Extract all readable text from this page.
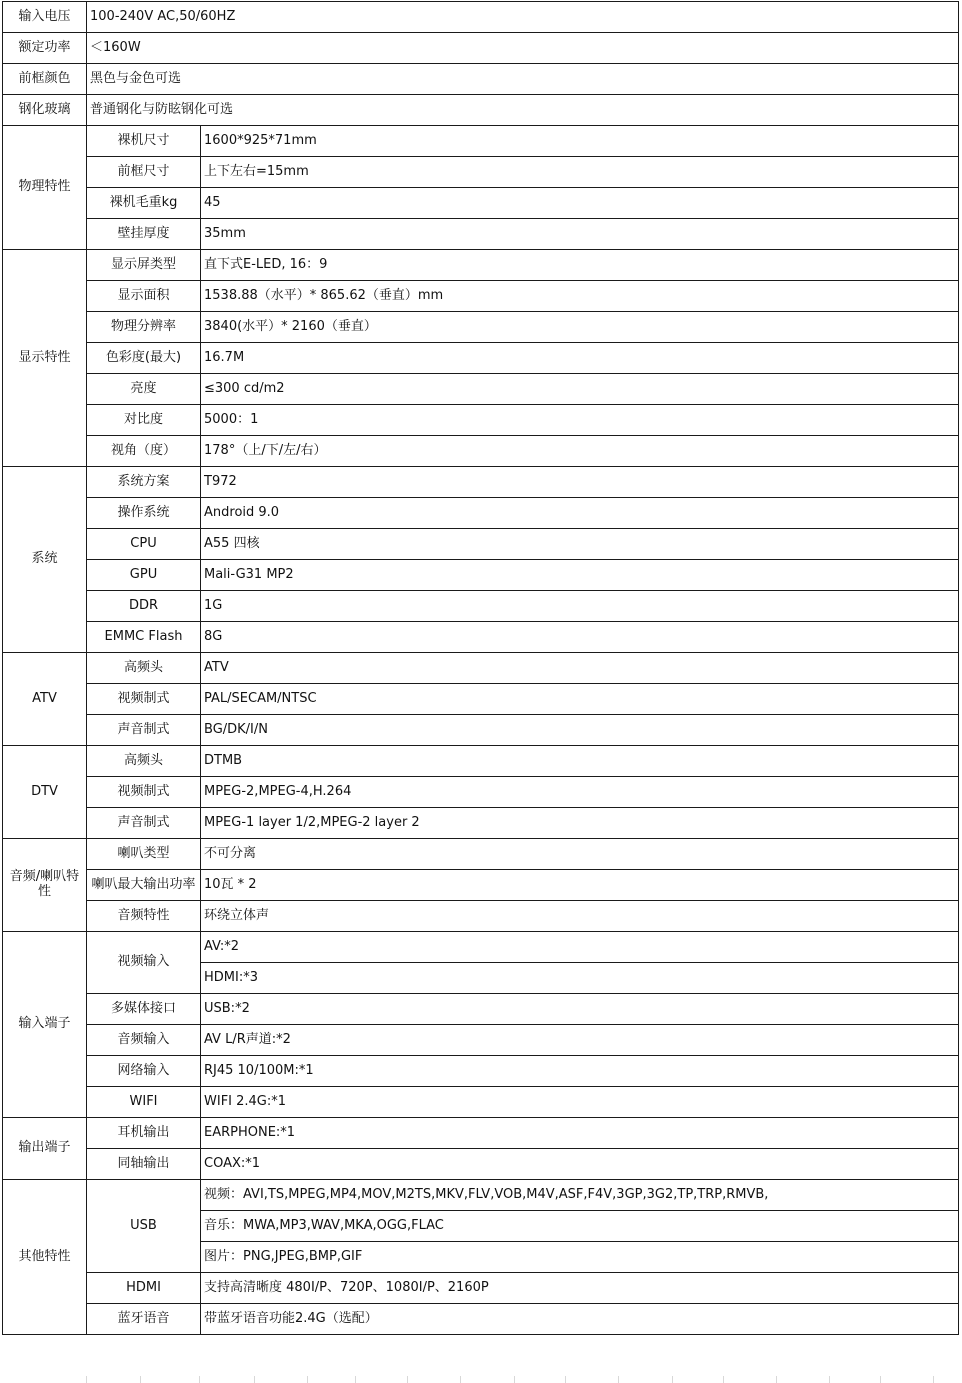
输入电压	100-240V AC,50/60HZ	
额定功率	＜160W	
前框颜色	黑色与金色可选	
钢化玻璃	普通钢化与防眩钢化可选	
物理特性	裸机尺寸	1600*925*71mm
	前框尺寸	上下左右=15mm
	裸机毛重kg	45
	壁挂厚度	35mm
显示特性	显示屏类型	直下式E-LED, 16：9
	显示面积	1538.88（水平）* 865.62（垂直）mm
	物理分辨率	3840(水平）* 2160（垂直）
	色彩度(最大)	16.7M
	亮度	≤300 cd/m2
	对比度	5000：1
	视角（度）	178°（上/下/左/右）
系统	系统方案	T972
	操作系统	Android 9.0
	CPU	A55 四核
	GPU	Mali-G31 MP2
	DDR	1G
	EMMC Flash	8G
ATV	高频头	ATV
	视频制式	PAL/SECAM/NTSC
	声音制式	BG/DK/I/N
DTV	高频头	DTMB
	视频制式	MPEG-2,MPEG-4,H.264
	声音制式	MPEG-1 layer 1/2,MPEG-2 layer 2
音频/喇叭特性	喇叭类型	不可分离
	喇叭最大输出功率	10瓦 * 2
	音频特性	环绕立体声
输入端子	视频输入	AV:*2
		HDMI:*3
	多媒体接口	USB:*2
	音频输入	AV L/R声道:*2
	网络输入	RJ45 10/100M:*1
	WIFI	WIFI 2.4G:*1
输出端子	耳机输出	EARPHONE:*1
	同轴输出	COAX:*1
其他特性	USB	视频：AVI,TS,MPEG,MP4,MOV,M2TS,MKV,FLV,VOB,M4V,ASF,F4V,3GP,3G2,TP,TRP,RMVB,
		音乐：MWA,MP3,WAV,MKA,OGG,FLAC
		图片：PNG,JPEG,BMP,GIF
	HDMI	支持高清晰度 480I/P、720P、1080I/P、2160P
	蓝牙语音	带蓝牙语音功能2.4G（选配）
